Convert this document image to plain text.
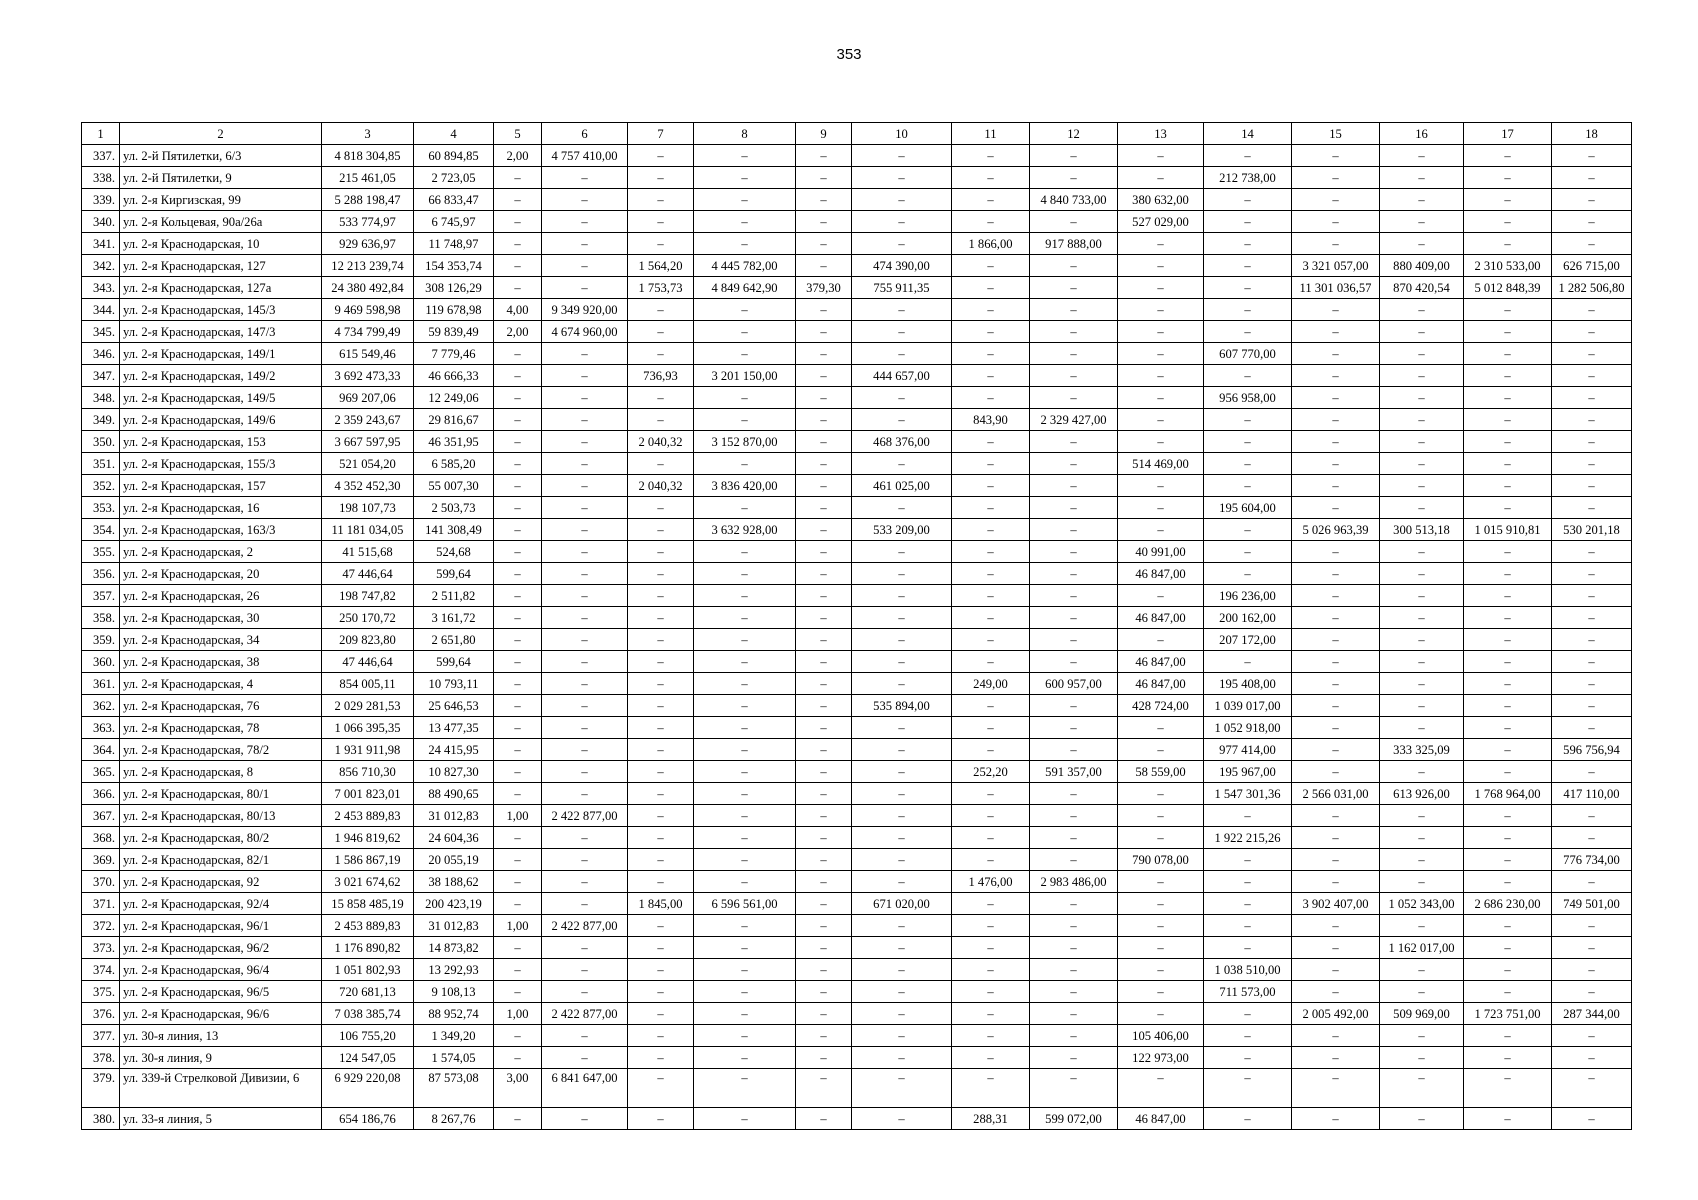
353
1	2	3	4	5	6	7	8	9	10	11	12	13	14	15	16	17	18
337.	ул. 2-й Пятилетки, 6/3	4 818 304,85	60 894,85	2,00	4 757 410,00	–	–	–	–	–	–	–	–	–	–	–	–
338.	ул. 2-й Пятилетки, 9	215 461,05	2 723,05	–	–	–	–	–	–	–	–	–	212 738,00	–	–	–	–
339.	ул. 2-я Киргизская, 99	5 288 198,47	66 833,47	–	–	–	–	–	–	–	4 840 733,00	380 632,00	–	–	–	–	–
340.	ул. 2-я Кольцевая, 90а/26а	533 774,97	6 745,97	–	–	–	–	–	–	–	–	527 029,00	–	–	–	–	–
341.	ул. 2-я Краснодарская, 10	929 636,97	11 748,97	–	–	–	–	–	–	1 866,00	917 888,00	–	–	–	–	–	–
342.	ул. 2-я Краснодарская, 127	12 213 239,74	154 353,74	–	–	1 564,20	4 445 782,00	–	474 390,00	–	–	–	–	3 321 057,00	880 409,00	2 310 533,00	626 715,00
343.	ул. 2-я Краснодарская, 127а	24 380 492,84	308 126,29	–	–	1 753,73	4 849 642,90	379,30	755 911,35	–	–	–	–	11 301 036,57	870 420,54	5 012 848,39	1 282 506,80
344.	ул. 2-я Краснодарская, 145/3	9 469 598,98	119 678,98	4,00	9 349 920,00	–	–	–	–	–	–	–	–	–	–	–	–
345.	ул. 2-я Краснодарская, 147/3	4 734 799,49	59 839,49	2,00	4 674 960,00	–	–	–	–	–	–	–	–	–	–	–	–
346.	ул. 2-я Краснодарская, 149/1	615 549,46	7 779,46	–	–	–	–	–	–	–	–	–	607 770,00	–	–	–	–
347.	ул. 2-я Краснодарская, 149/2	3 692 473,33	46 666,33	–	–	736,93	3 201 150,00	–	444 657,00	–	–	–	–	–	–	–	–
348.	ул. 2-я Краснодарская, 149/5	969 207,06	12 249,06	–	–	–	–	–	–	–	–	–	956 958,00	–	–	–	–
349.	ул. 2-я Краснодарская, 149/6	2 359 243,67	29 816,67	–	–	–	–	–	–	843,90	2 329 427,00	–	–	–	–	–	–
350.	ул. 2-я Краснодарская, 153	3 667 597,95	46 351,95	–	–	2 040,32	3 152 870,00	–	468 376,00	–	–	–	–	–	–	–	–
351.	ул. 2-я Краснодарская, 155/3	521 054,20	6 585,20	–	–	–	–	–	–	–	–	514 469,00	–	–	–	–	–
352.	ул. 2-я Краснодарская, 157	4 352 452,30	55 007,30	–	–	2 040,32	3 836 420,00	–	461 025,00	–	–	–	–	–	–	–	–
353.	ул. 2-я Краснодарская, 16	198 107,73	2 503,73	–	–	–	–	–	–	–	–	–	195 604,00	–	–	–	–
354.	ул. 2-я Краснодарская, 163/3	11 181 034,05	141 308,49	–	–	–	3 632 928,00	–	533 209,00	–	–	–	–	5 026 963,39	300 513,18	1 015 910,81	530 201,18
355.	ул. 2-я Краснодарская, 2	41 515,68	524,68	–	–	–	–	–	–	–	–	40 991,00	–	–	–	–	–
356.	ул. 2-я Краснодарская, 20	47 446,64	599,64	–	–	–	–	–	–	–	–	46 847,00	–	–	–	–	–
357.	ул. 2-я Краснодарская, 26	198 747,82	2 511,82	–	–	–	–	–	–	–	–	–	196 236,00	–	–	–	–
358.	ул. 2-я Краснодарская, 30	250 170,72	3 161,72	–	–	–	–	–	–	–	–	46 847,00	200 162,00	–	–	–	–
359.	ул. 2-я Краснодарская, 34	209 823,80	2 651,80	–	–	–	–	–	–	–	–	–	207 172,00	–	–	–	–
360.	ул. 2-я Краснодарская, 38	47 446,64	599,64	–	–	–	–	–	–	–	–	46 847,00	–	–	–	–	–
361.	ул. 2-я Краснодарская, 4	854 005,11	10 793,11	–	–	–	–	–	–	249,00	600 957,00	46 847,00	195 408,00	–	–	–	–
362.	ул. 2-я Краснодарская, 76	2 029 281,53	25 646,53	–	–	–	–	–	535 894,00	–	–	428 724,00	1 039 017,00	–	–	–	–
363.	ул. 2-я Краснодарская, 78	1 066 395,35	13 477,35	–	–	–	–	–	–	–	–	–	1 052 918,00	–	–	–	–
364.	ул. 2-я Краснодарская, 78/2	1 931 911,98	24 415,95	–	–	–	–	–	–	–	–	–	977 414,00	–	333 325,09	–	596 756,94
365.	ул. 2-я Краснодарская, 8	856 710,30	10 827,30	–	–	–	–	–	–	252,20	591 357,00	58 559,00	195 967,00	–	–	–	–
366.	ул. 2-я Краснодарская, 80/1	7 001 823,01	88 490,65	–	–	–	–	–	–	–	–	–	1 547 301,36	2 566 031,00	613 926,00	1 768 964,00	417 110,00
367.	ул. 2-я Краснодарская, 80/13	2 453 889,83	31 012,83	1,00	2 422 877,00	–	–	–	–	–	–	–	–	–	–	–	–
368.	ул. 2-я Краснодарская, 80/2	1 946 819,62	24 604,36	–	–	–	–	–	–	–	–	–	1 922 215,26	–	–	–	–
369.	ул. 2-я Краснодарская, 82/1	1 586 867,19	20 055,19	–	–	–	–	–	–	–	–	790 078,00	–	–	–	–	776 734,00
370.	ул. 2-я Краснодарская, 92	3 021 674,62	38 188,62	–	–	–	–	–	–	1 476,00	2 983 486,00	–	–	–	–	–	–
371.	ул. 2-я Краснодарская, 92/4	15 858 485,19	200 423,19	–	–	1 845,00	6 596 561,00	–	671 020,00	–	–	–	–	3 902 407,00	1 052 343,00	2 686 230,00	749 501,00
372.	ул. 2-я Краснодарская, 96/1	2 453 889,83	31 012,83	1,00	2 422 877,00	–	–	–	–	–	–	–	–	–	–	–	–
373.	ул. 2-я Краснодарская, 96/2	1 176 890,82	14 873,82	–	–	–	–	–	–	–	–	–	–	–	1 162 017,00	–	–
374.	ул. 2-я Краснодарская, 96/4	1 051 802,93	13 292,93	–	–	–	–	–	–	–	–	–	1 038 510,00	–	–	–	–
375.	ул. 2-я Краснодарская, 96/5	720 681,13	9 108,13	–	–	–	–	–	–	–	–	–	711 573,00	–	–	–	–
376.	ул. 2-я Краснодарская, 96/6	7 038 385,74	88 952,74	1,00	2 422 877,00	–	–	–	–	–	–	–	–	2 005 492,00	509 969,00	1 723 751,00	287 344,00
377.	ул. 30-я линия, 13	106 755,20	1 349,20	–	–	–	–	–	–	–	–	105 406,00	–	–	–	–	–
378.	ул. 30-я линия, 9	124 547,05	1 574,05	–	–	–	–	–	–	–	–	122 973,00	–	–	–	–	–
379.	ул. 339-й Стрелковой Дивизии, 6	6 929 220,08	87 573,08	3,00	6 841 647,00	–	–	–	–	–	–	–	–	–	–	–	–
380.	ул. 33-я линия, 5	654 186,76	8 267,76	–	–	–	–	–	–	288,31	599 072,00	46 847,00	–	–	–	–	–
